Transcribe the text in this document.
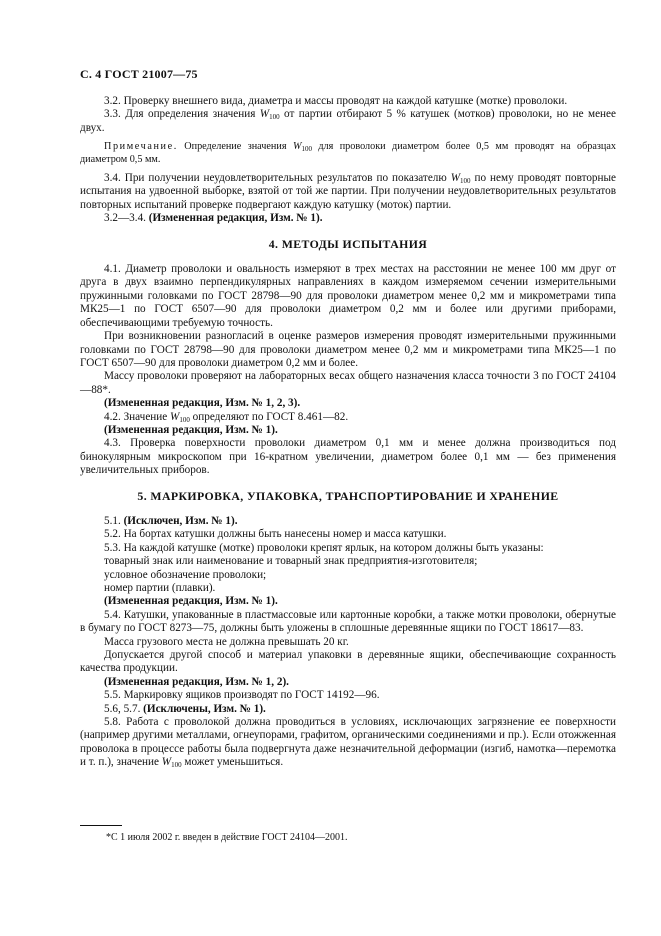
С. 4 ГОСТ 21007—75

3.2. Проверку внешнего вида, диаметра и массы проводят на каждой катушке (мотке) проволоки.

3.3. Для определения значения $W_{100}$ от партии отбирают 5 % катушек (мотков) проволоки, но не менее двух.

Примечание. Определение значения $W_{100}$ для проволоки диаметром более 0,5 мм проводят на образцах диаметром 0,5 мм.

3.4. При получении неудовлетворительных результатов по показателю $W_{100}$ по нему проводят повторные испытания на удвоенной выборке, взятой от той же партии. При получении неудовлетворительных результатов повторных испытаний проверке подвергают каждую катушку (моток) партии.

3.2—3.4. (Измененная редакция, Изм. № 1).

4. МЕТОДЫ ИСПЫТАНИЯ

4.1. Диаметр проволоки и овальность измеряют в трех местах на расстоянии не менее 100 мм друг от друга в двух взаимно перпендикулярных направлениях в каждом измеряемом сечении измерительными пружинными головками по ГОСТ 28798—90 для проволоки диаметром менее 0,2 мм и микрометрами типа МК25—1 по ГОСТ 6507—90 для проволоки диаметром 0,2 мм и более или другими приборами, обеспечивающими требуемую точность.

При возникновении разногласий в оценке размеров измерения проводят измерительными пружинными головками по ГОСТ 28798—90 для проволоки диаметром менее 0,2 мм и микрометрами типа МК25—1 по ГОСТ 6507—90 для проволоки диаметром 0,2 мм и более.

Массу проволоки проверяют на лабораторных весах общего назначения класса точности 3 по ГОСТ 24104—88*.

(Измененная редакция, Изм. № 1, 2, 3).

4.2. Значение $W_{100}$ определяют по ГОСТ 8.461—82.

(Измененная редакция, Изм. № 1).

4.3. Проверка поверхности проволоки диаметром 0,1 мм и менее должна производиться под бинокулярным микроскопом при 16-кратном увеличении, диаметром более 0,1 мм — без применения увеличительных приборов.

5. МАРКИРОВКА, УПАКОВКА, ТРАНСПОРТИРОВАНИЕ И ХРАНЕНИЕ

5.1. (Исключен, Изм. № 1).

5.2. На бортах катушки должны быть нанесены номер и масса катушки.

5.3. На каждой катушке (мотке) проволоки крепят ярлык, на котором должны быть указаны:

товарный знак или наименование и товарный знак предприятия-изготовителя;

условное обозначение проволоки;

номер партии (плавки).

(Измененная редакция, Изм. № 1).

5.4. Катушки, упакованные в пластмассовые или картонные коробки, а также мотки проволоки, обернутые в бумагу по ГОСТ 8273—75, должны быть уложены в сплошные деревянные ящики по ГОСТ 18617—83.

Масса грузового места не должна превышать 20 кг.

Допускается другой способ и материал упаковки в деревянные ящики, обеспечивающие сохранность качества продукции.

(Измененная редакция, Изм. № 1, 2).

5.5. Маркировку ящиков производят по ГОСТ 14192—96.

5.6, 5.7. (Исключены, Изм. № 1).

5.8. Работа с проволокой должна проводиться в условиях, исключающих загрязнение ее поверхности (например другими металлами, огнеупорами, графитом, органическими соединениями и пр.). Если отожженная проволока в процессе работы была подвергнута даже незначительной деформации (изгиб, намотка—перемотка и т. п.), значение $W_{100}$ может уменьшиться.

*С 1 июля 2002 г. введен в действие ГОСТ 24104—2001.
